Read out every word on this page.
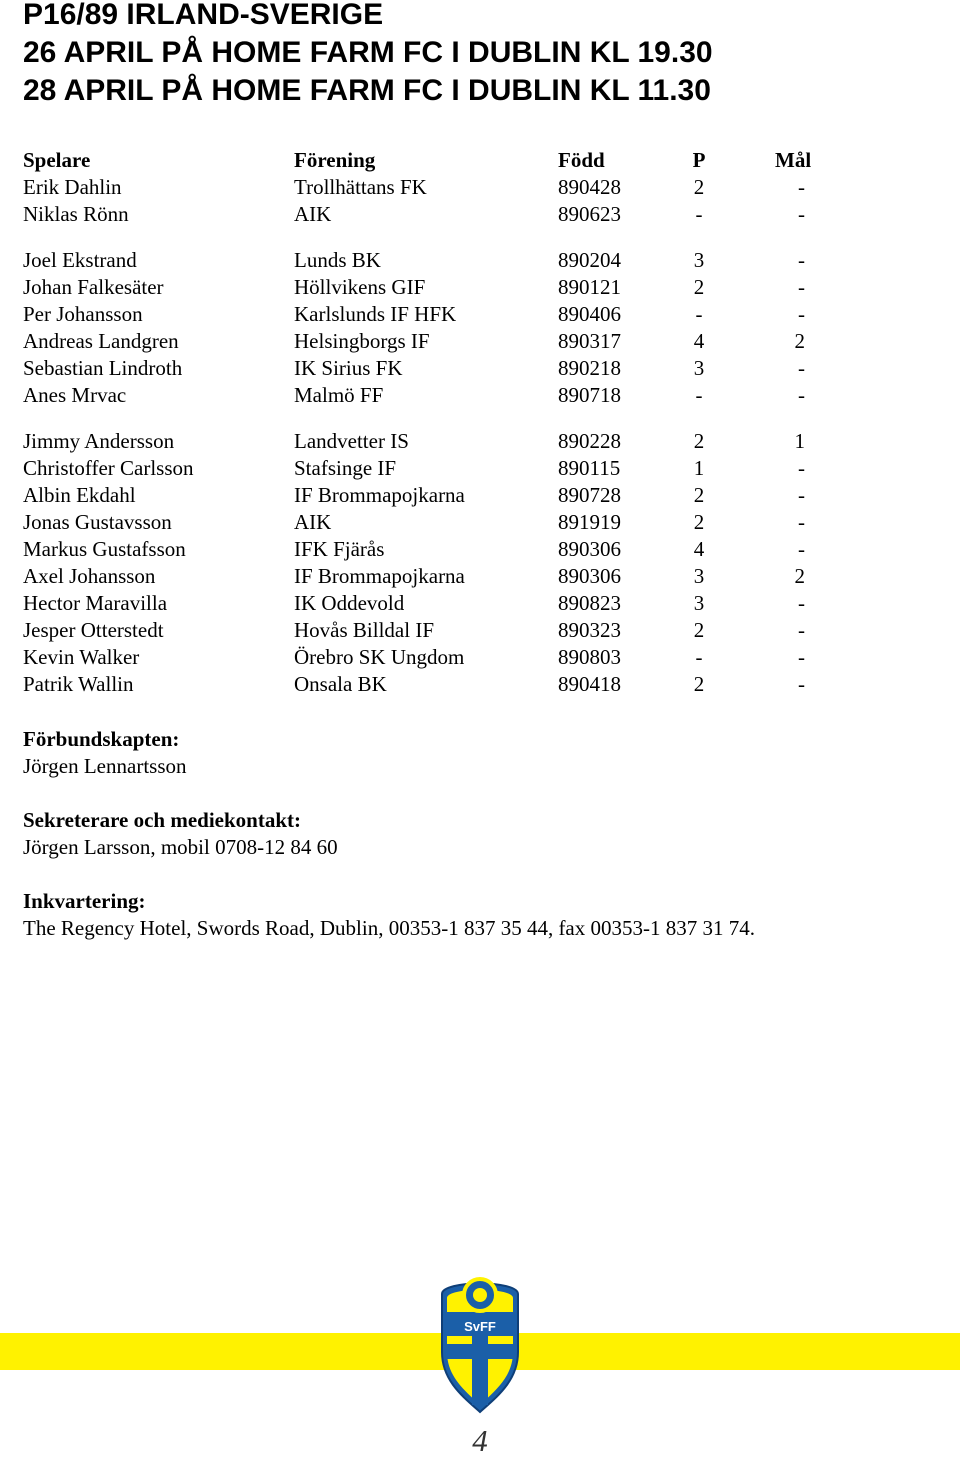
P16/89 IRLAND-SVERIGE
26 APRIL PÅ HOME FARM FC I DUBLIN KL 19.30
28 APRIL PÅ HOME FARM FC I DUBLIN KL 11.30
Spelare	Förening	Född	P	Mål
Erik Dahlin	Trollhättans FK	890428	2	-
Niklas Rönn	AIK	890623	-	-
Joel Ekstrand	Lunds BK	890204	3	-
Johan Falkesäter	Höllvikens GIF	890121	2	-
Per Johansson	Karlslunds IF HFK	890406	-	-
Andreas Landgren	Helsingborgs IF	890317	4	2
Sebastian Lindroth	IK Sirius FK	890218	3	-
Anes Mrvac	Malmö FF	890718	-	-
Jimmy Andersson	Landvetter IS	890228	2	1
Christoffer Carlsson	Stafsinge IF	890115	1	-
Albin Ekdahl	IF Brommapojkarna	890728	2	-
Jonas Gustavsson	AIK	891919	2	-
Markus Gustafsson	IFK Fjärås	890306	4	-
Axel Johansson	IF Brommapojkarna	890306	3	2
Hector Maravilla	IK Oddevold	890823	3	-
Jesper Otterstedt	Hovås Billdal IF	890323	2	-
Kevin Walker	Örebro SK Ungdom	890803	-	-
Patrik Wallin	Onsala BK	890418	2	-
Förbundskapten:
Jörgen Lennartsson
Sekreterare och mediekontakt:
Jörgen Larsson, mobil 0708-12 84 60
Inkvartering:
The Regency Hotel, Swords Road, Dublin, 00353-1 837 35 44, fax 00353-1 837 31 74.
SvFF
4
